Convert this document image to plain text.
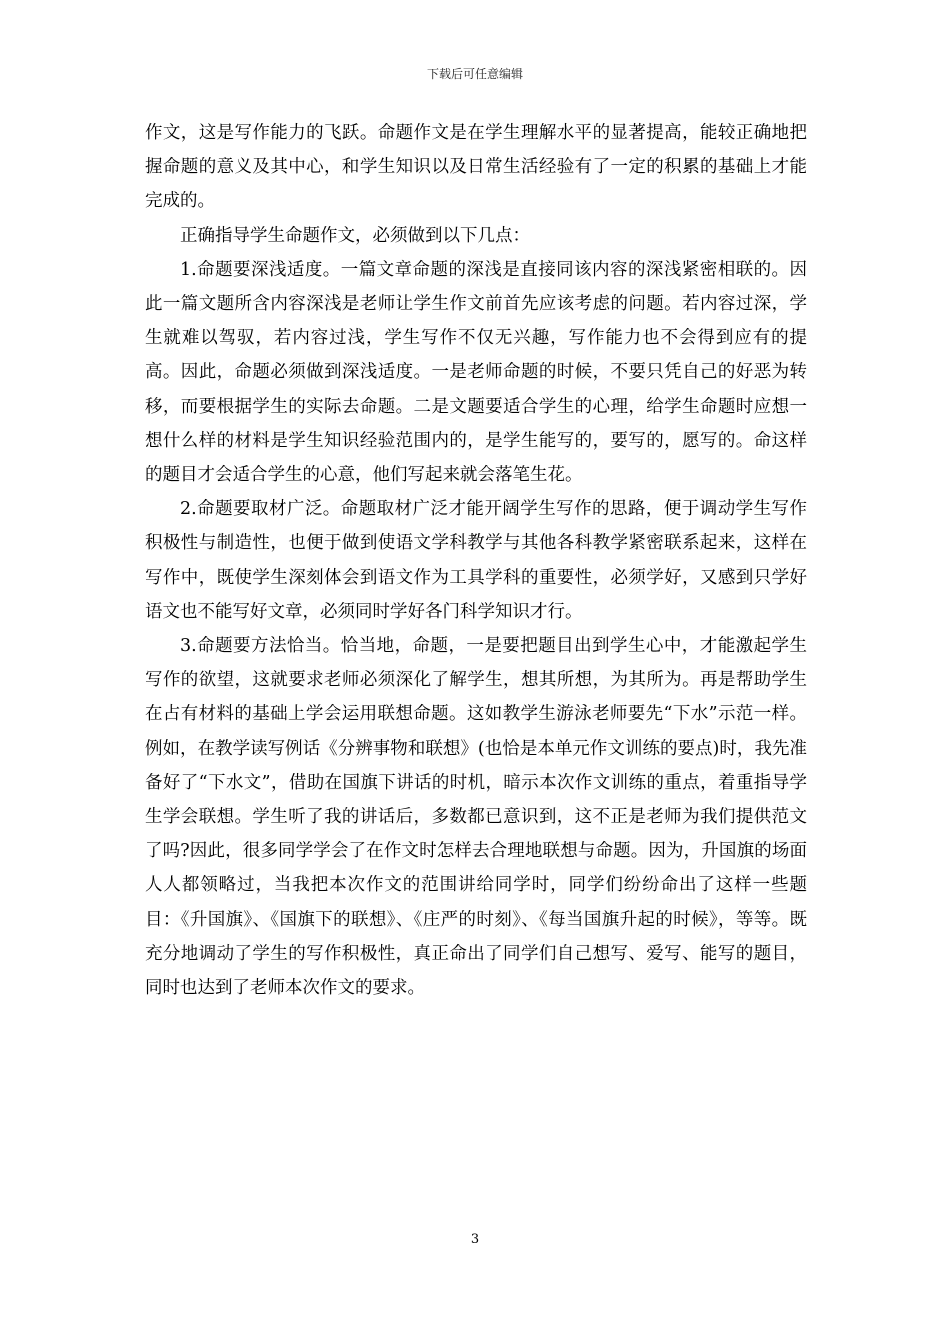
下载后可任意编辑

作文，这是写作能力的飞跃。命题作文是在学生理解水平的显著提高，能较正确地把握命题的意义及其中心，和学生知识以及日常生活经验有了一定的积累的基础上才能完成的。

正确指导学生命题作文，必须做到以下几点：

1.命题要深浅适度。一篇文章命题的深浅是直接同该内容的深浅紧密相联的。因此一篇文题所含内容深浅是老师让学生作文前首先应该考虑的问题。若内容过深，学生就难以驾驭，若内容过浅，学生写作不仅无兴趣，写作能力也不会得到应有的提高。因此，命题必须做到深浅适度。一是老师命题的时候，不要只凭自己的好恶为转移，而要根据学生的实际去命题。二是文题要适合学生的心理，给学生命题时应想一想什么样的材料是学生知识经验范围内的，是学生能写的，要写的，愿写的。命这样的题目才会适合学生的心意，他们写起来就会落笔生花。

2.命题要取材广泛。命题取材广泛才能开阔学生写作的思路，便于调动学生写作积极性与制造性，也便于做到使语文学科教学与其他各科教学紧密联系起来，这样在写作中，既使学生深刻体会到语文作为工具学科的重要性，必须学好，又感到只学好语文也不能写好文章，必须同时学好各门科学知识才行。

3.命题要方法恰当。恰当地，命题，一是要把题目出到学生心中，才能激起学生写作的欲望，这就要求老师必须深化了解学生，想其所想，为其所为。再是帮助学生在占有材料的基础上学会运用联想命题。这如教学生游泳老师要先“下水”示范一样。例如，在教学读写例话《分辨事物和联想》(也恰是本单元作文训练的要点)时，我先准备好了“下水文”，借助在国旗下讲话的时机，暗示本次作文训练的重点，着重指导学生学会联想。学生听了我的讲话后，多数都已意识到，这不正是老师为我们提供范文了吗?因此，很多同学学会了在作文时怎样去合理地联想与命题。因为，升国旗的场面人人都领略过，当我把本次作文的范围讲给同学时，同学们纷纷命出了这样一些题目：《升国旗》、《国旗下的联想》、《庄严的时刻》、《每当国旗升起的时候》，等等。既充分地调动了学生的写作积极性，真正命出了同学们自己想写、爱写、能写的题目，同时也达到了老师本次作文的要求。

3
